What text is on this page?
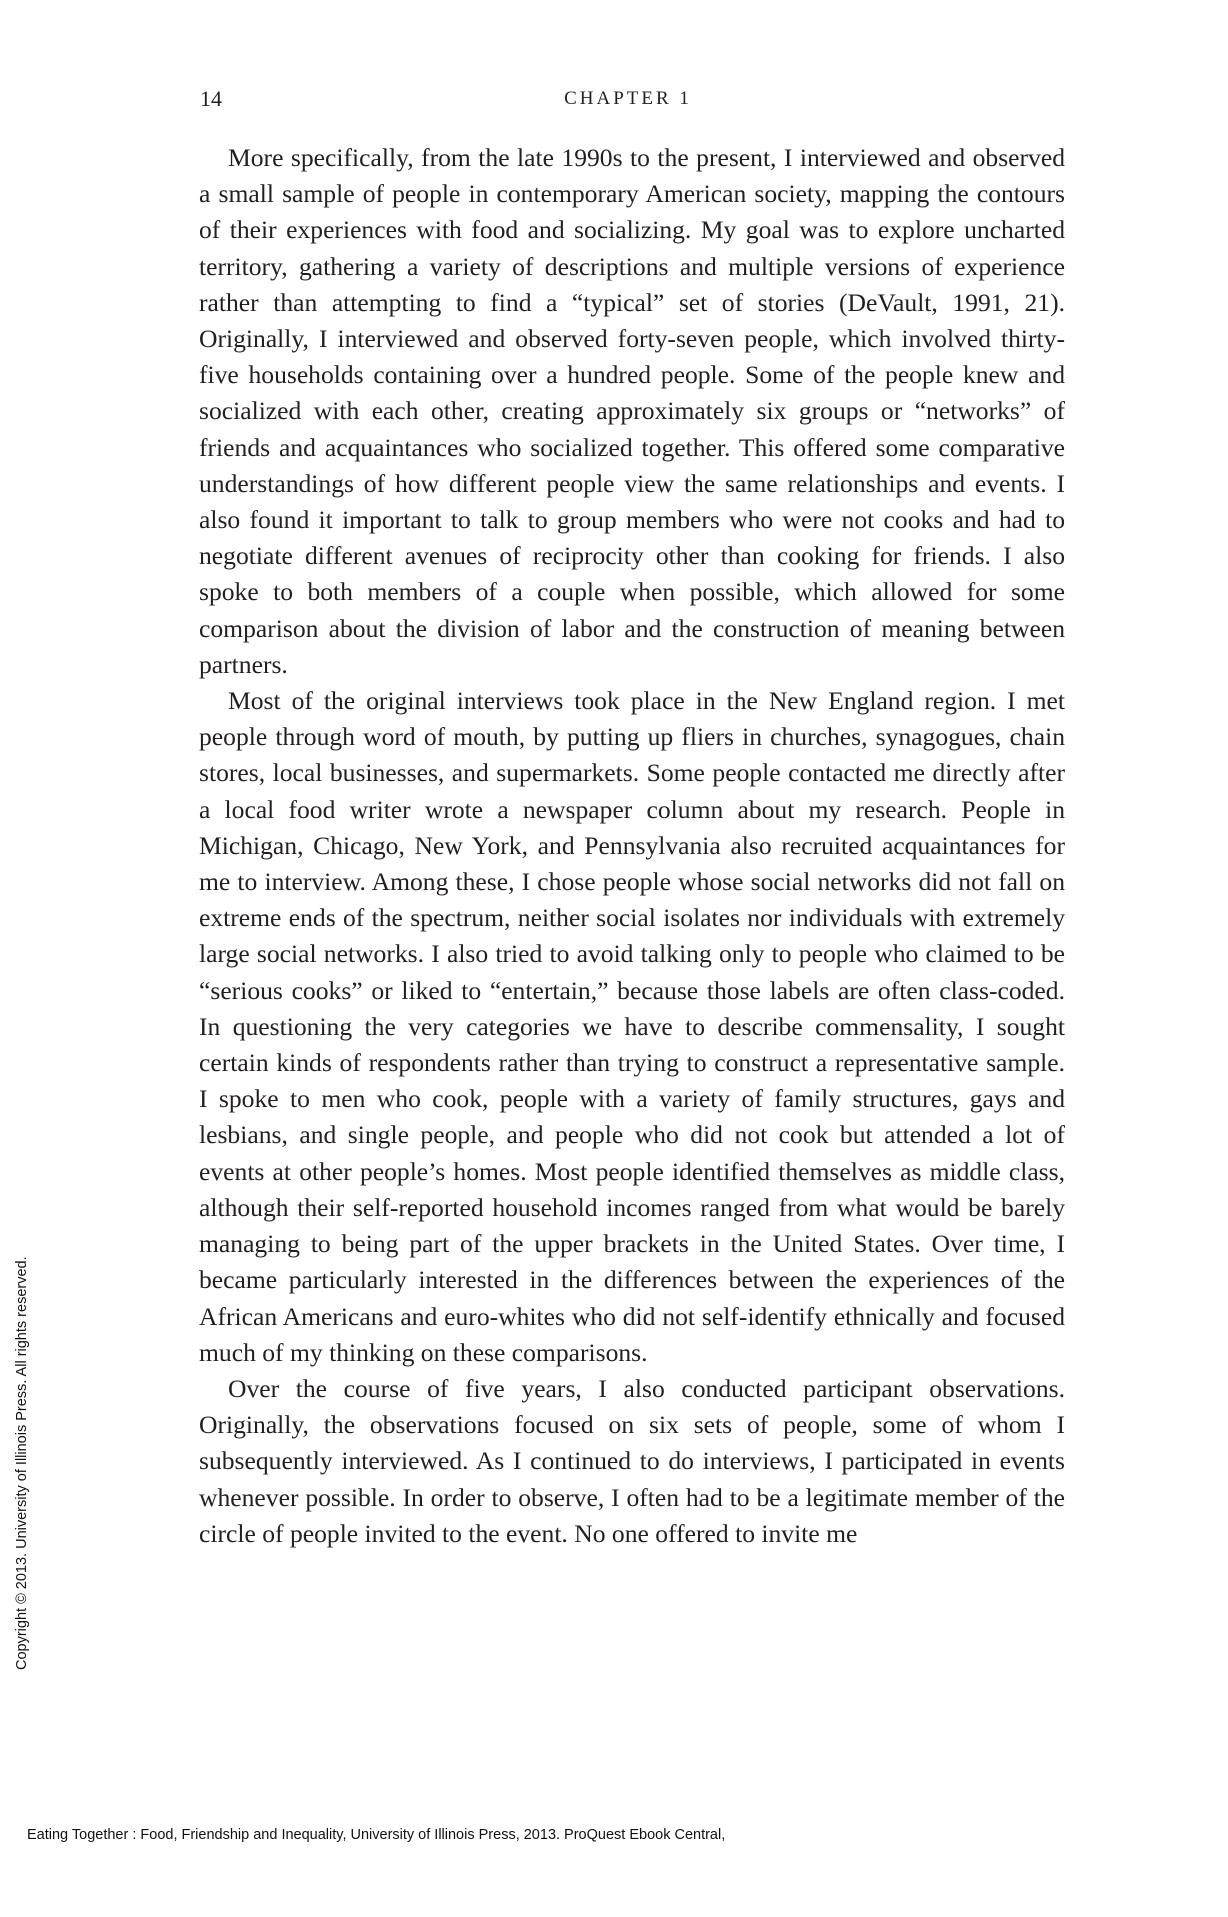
14	CHAPTER 1

More specifically, from the late 1990s to the present, I interviewed and observed a small sample of people in contemporary American society, mapping the contours of their experiences with food and socializing. My goal was to explore uncharted territory, gathering a variety of descriptions and multiple versions of experience rather than attempting to find a “typical” set of stories (DeVault, 1991, 21). Originally, I interviewed and observed forty-seven people, which involved thirty-five households containing over a hundred people. Some of the people knew and socialized with each other, creating approximately six groups or “networks” of friends and acquaintances who socialized together. This offered some comparative understandings of how different people view the same relationships and events. I also found it important to talk to group members who were not cooks and had to negotiate different avenues of reciprocity other than cooking for friends. I also spoke to both members of a couple when possible, which allowed for some comparison about the division of labor and the construction of meaning between partners.

Most of the original interviews took place in the New England region. I met people through word of mouth, by putting up fliers in churches, synagogues, chain stores, local businesses, and supermarkets. Some people contacted me directly after a local food writer wrote a newspaper column about my research. People in Michigan, Chicago, New York, and Pennsylvania also recruited acquaintances for me to interview. Among these, I chose people whose social networks did not fall on extreme ends of the spectrum, neither social isolates nor individuals with extremely large social networks. I also tried to avoid talking only to people who claimed to be “serious cooks” or liked to “entertain,” because those labels are often class-coded. In questioning the very categories we have to describe commensality, I sought certain kinds of respondents rather than trying to construct a representative sample. I spoke to men who cook, people with a variety of family structures, gays and lesbians, and single people, and people who did not cook but attended a lot of events at other people’s homes. Most people identified themselves as middle class, although their self-reported household incomes ranged from what would be barely managing to being part of the upper brackets in the United States. Over time, I became particularly interested in the differences between the experiences of the African Americans and euro-whites who did not self-identify ethnically and focused much of my thinking on these comparisons.

Over the course of five years, I also conducted participant observations. Originally, the observations focused on six sets of people, some of whom I subsequently interviewed. As I continued to do interviews, I participated in events whenever possible. In order to observe, I often had to be a legitimate member of the circle of people invited to the event. No one offered to invite me

Copyright © 2013. University of Illinois Press. All rights reserved.
Eating Together : Food, Friendship and Inequality, University of Illinois Press, 2013. ProQuest Ebook Central,
